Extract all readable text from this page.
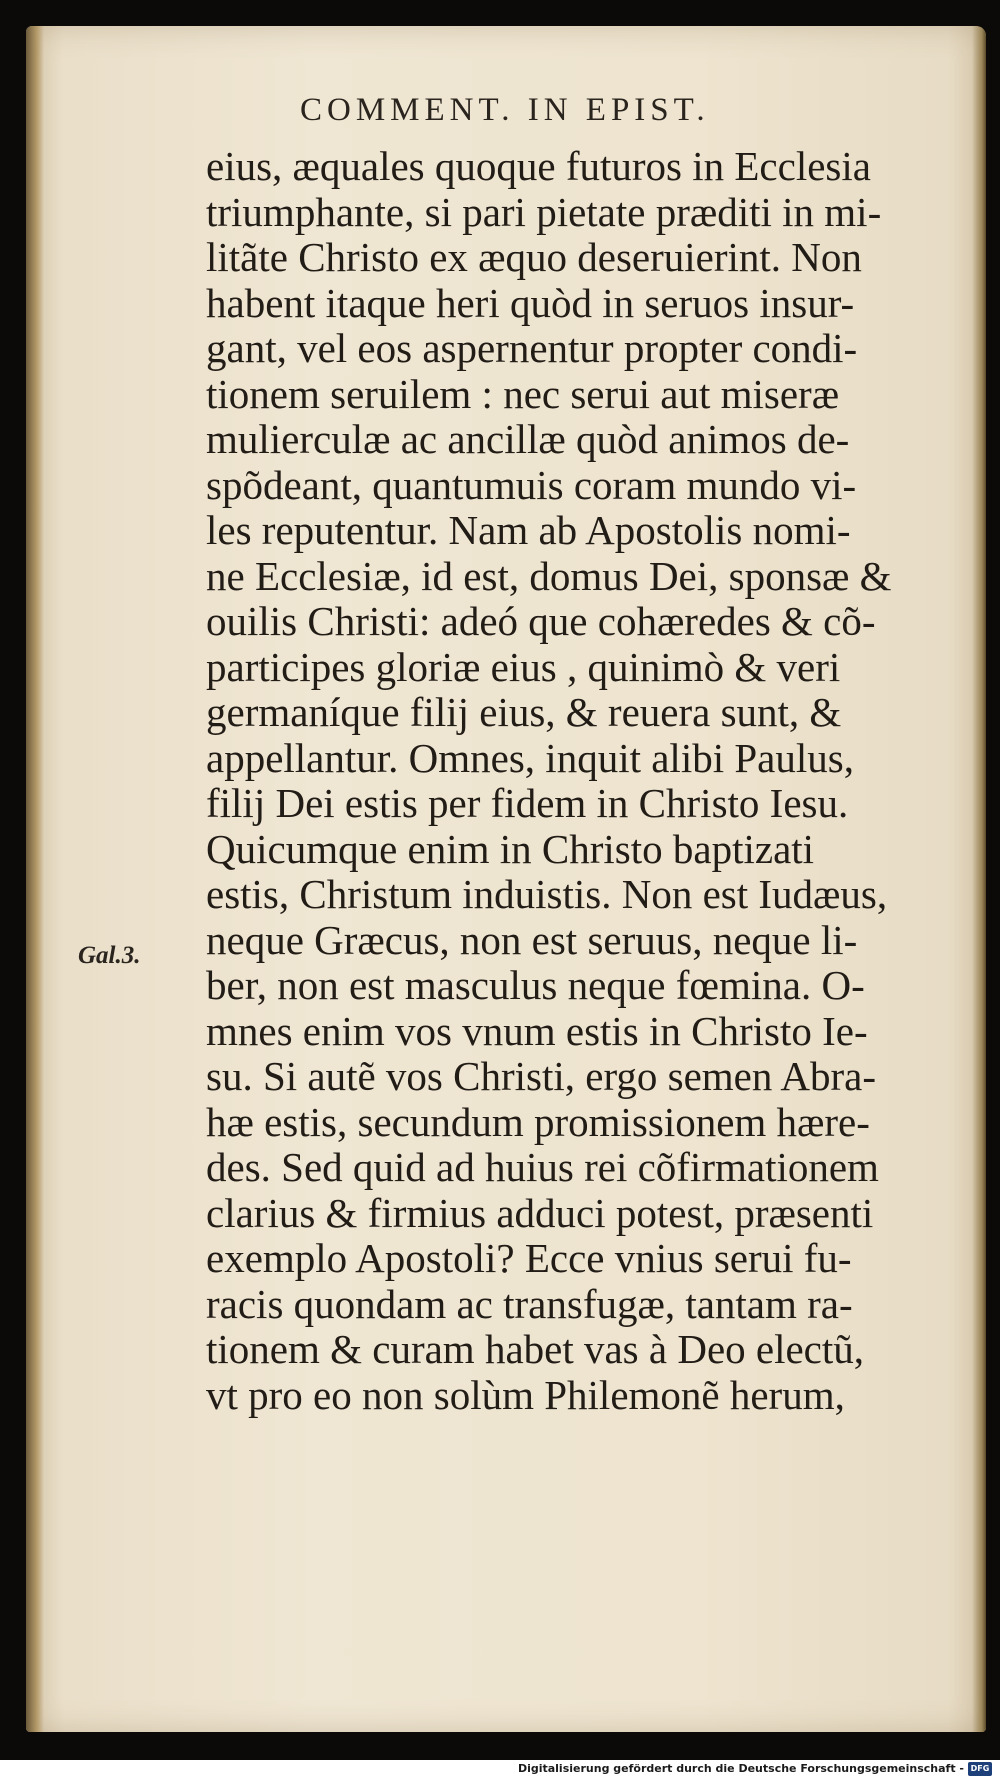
COMMENT. IN EPIST.
Gal.3.
eius, æquales quoque futuros in Ecclesia
triumphante, si pari pietate præditi in mi-
litãte Christo ex æquo deseruierint. Non
habent itaque heri quòd in seruos insur-
gant, vel eos aspernentur propter condi-
tionem seruilem : nec serui aut miseræ
mulierculæ ac ancillæ quòd animos de-
spõdeant, quantumuis coram mundo vi-
les reputentur. Nam ab Apostolis nomi-
ne Ecclesiæ, id est, domus Dei, sponsæ &
ouilis Christi: adeó que cohæredes & cõ-
participes gloriæ eius , quinimò & veri
germaníque filij eius, & reuera sunt, &
appellantur. Omnes, inquit alibi Paulus,
filij Dei estis per fidem in Christo Iesu.
Quicumque enim in Christo baptizati
estis, Christum induistis. Non est Iudæus,
neque Græcus, non est seruus, neque li-
ber, non est masculus neque fœmina. O-
mnes enim vos vnum estis in Christo Ie-
su. Si autẽ vos Christi, ergo semen Abra-
hæ estis, secundum promissionem hære-
des. Sed quid ad huius rei cõfirmationem
clarius & firmius adduci potest, præsenti
exemplo Apostoli? Ecce vnius serui fu-
racis quondam ac transfugæ, tantam ra-
tionem & curam habet vas à Deo electũ,
vt pro eo non solùm Philemonẽ herum,
Digitalisierung gefördert durch die Deutsche Forschungsgemeinschaft - DFG
